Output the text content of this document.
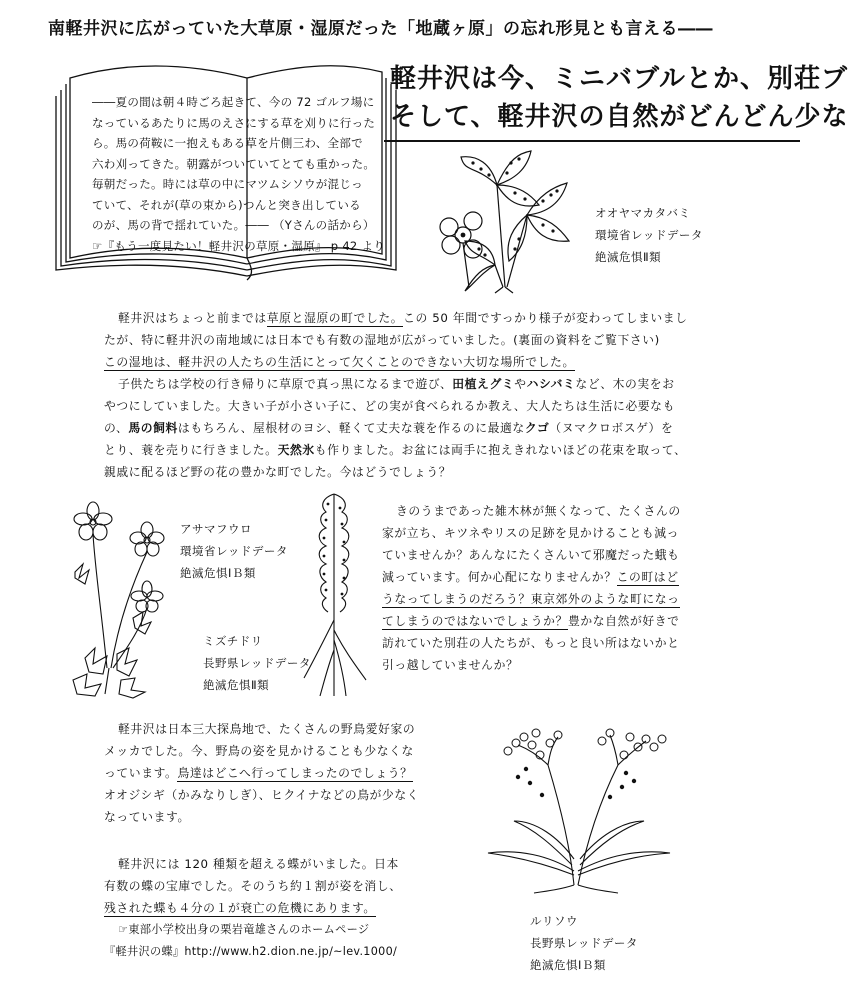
南軽井沢に広がっていた大草原・湿原だった「地蔵ヶ原」の忘れ形見とも言える――
軽井沢は今、ミニバブルとか、別荘ブ
そして、軽井沢の自然がどんどん少な
――夏の間は朝４時ごろ起きて、今の 72 ゴルフ場に
なっているあたりに馬のえさにする草を刈りに行った
ら。馬の荷鞍に一抱えもある草を片側三わ、全部で
六わ刈ってきた。朝露がついていてとても重かった。
毎朝だった。時には草の中にマツムシソウが混じっ
ていて、それが(草の束から)つんと突き出している
のが、馬の背で揺れていた。―― （Yさんの話から）
☞『もう一度見たい！軽井沢の草原・湿原』 p 42 より
オオヤマカタバミ
環境省レッドデータ
絶滅危惧Ⅱ類
軽井沢はちょっと前までは草原と湿原の町でした。この 50 年間ですっかり様子が変わってしまいまし
たが、特に軽井沢の南地域には日本でも有数の湿地が広がっていました。(裏面の資料をご覧下さい)
この湿地は、軽井沢の人たちの生活にとって欠くことのできない大切な場所でした。
子供たちは学校の行き帰りに草原で真っ黒になるまで遊び、田植えグミやハシバミなど、木の実をお
やつにしていました。大きい子が小さい子に、どの実が食べられるか教え、大人たちは生活に必要なも
の、馬の飼料はもちろん、屋根材のヨシ、軽くて丈夫な蓑を作るのに最適なクゴ（ヌマクロボスゲ）を
とり、蓑を売りに行きました。天然氷も作りました。お盆には両手に抱えきれないほどの花束を取って、
親戚に配るほど野の花の豊かな町でした。今はどうでしょう？
アサマフウロ
環境省レッドデータ
絶滅危惧ⅠＢ類
ミズチドリ
長野県レッドデータ
絶滅危惧Ⅱ類
きのうまであった雑木林が無くなって、たくさんの
家が立ち、キツネやリスの足跡を見かけることも減っ
ていませんか？あんなにたくさんいて邪魔だった蛾も
減っています。何か心配になりませんか？この町はど
うなってしまうのだろう？東京郊外のような町になっ
てしまうのではないでしょうか？豊かな自然が好きで
訪れていた別荘の人たちが、もっと良い所はないかと
引っ越していませんか？
軽井沢は日本三大探鳥地で、たくさんの野鳥愛好家の
メッカでした。今、野鳥の姿を見かけることも少なくな
っています。鳥達はどこへ行ってしまったのでしょう？
オオジシギ（かみなりしぎ）、ヒクイナなどの鳥が少なく
なっています。
軽井沢には 120 種類を超える蝶がいました。日本
有数の蝶の宝庫でした。そのうち約１割が姿を消し、
残された蝶も４分の１が衰亡の危機にあります。
☞東部小学校出身の栗岩竜雄さんのホームページ
『軽井沢の蝶』http://www.h2.dion.ne.jp/~lev.1000/
ルリソウ
長野県レッドデータ
絶滅危惧ⅠＢ類
